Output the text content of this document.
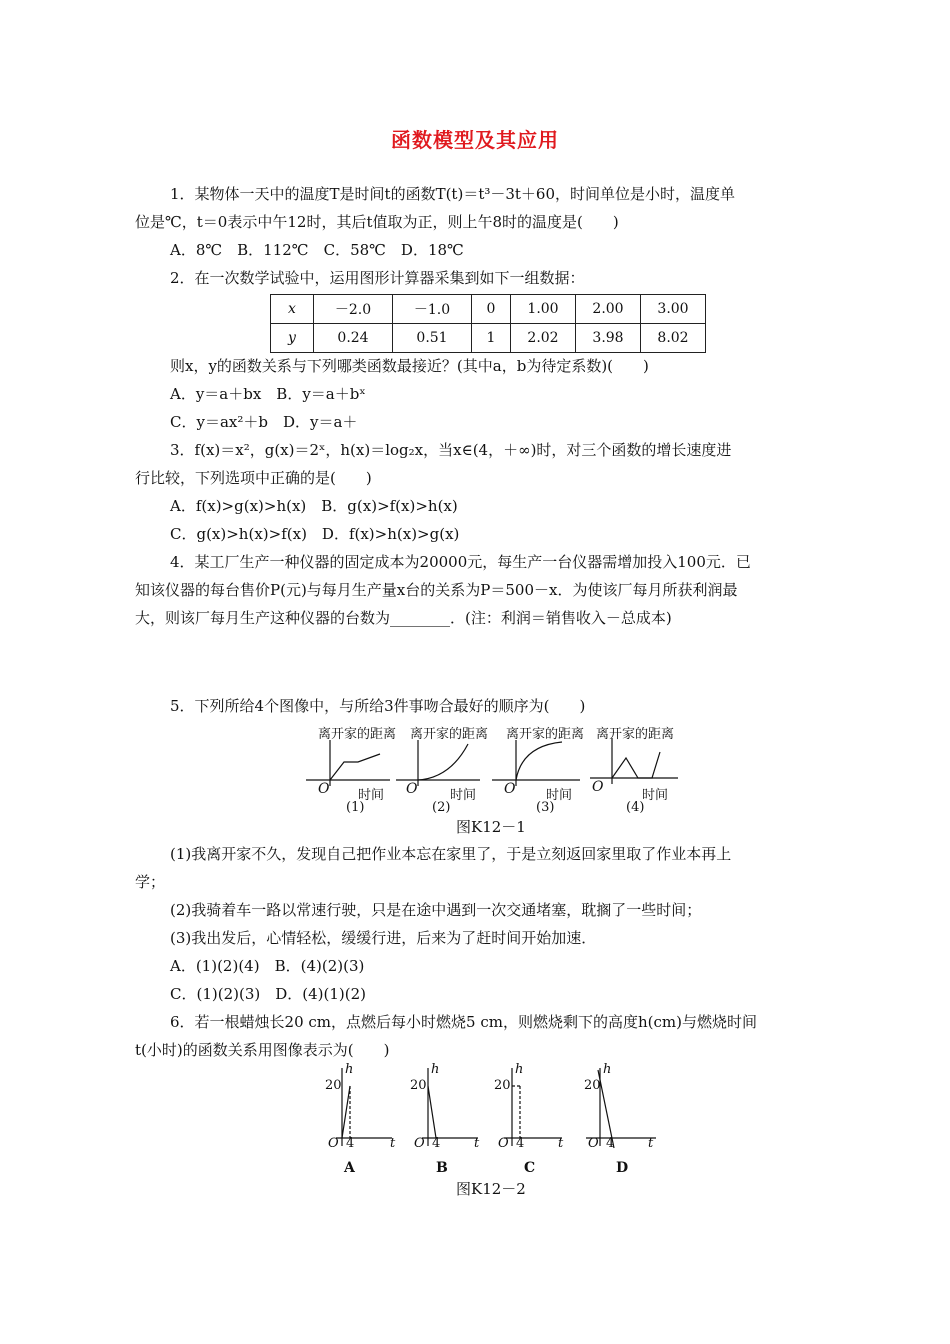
函数模型及其应用
1．某物体一天中的温度T是时间t的函数T(t)＝t³－3t＋60，时间单位是小时，温度单
位是℃，t＝0表示中午12时，其后t值取为正，则上午8时的温度是(　　)
A．8℃　B．112℃　C．58℃　D．18℃
2．在一次数学试验中，运用图形计算器采集到如下一组数据：
x	－2.0	－1.0	0	1.00	2.00	3.00
y	0.24	0.51	1	2.02	3.98	8.02
则x，y的函数关系与下列哪类函数最接近？(其中a，b为待定系数)(　　)
A．y＝a＋bx　B．y＝a＋bˣ
C．y＝ax²＋b　D．y＝a＋
3．f(x)＝x²，g(x)＝2ˣ，h(x)＝log₂x，当x∈(4，＋∞)时，对三个函数的增长速度进
行比较，下列选项中正确的是(　　)
A．f(x)>g(x)>h(x)　B．g(x)>f(x)>h(x)
C．g(x)>h(x)>f(x)　D．f(x)>h(x)>g(x)
4．某工厂生产一种仪器的固定成本为20000元，每生产一台仪器需增加投入100元．已
知该仪器的每台售价P(元)与每月生产量x台的关系为P＝500－x．为使该厂每月所获利润最
大，则该厂每月生产这种仪器的台数为________．(注：利润＝销售收入－总成本)
5．下列所给4个图像中，与所给3件事吻合最好的顺序为(　　)
离开家的距离 离开家的距离 离开家的距离 离开家的距离
O	O	O	O
时间	时间	时间	时间
(1)	(2)	(3)	(4)
图K12－1
(1)我离开家不久，发现自己把作业本忘在家里了，于是立刻返回家里取了作业本再上
学；
(2)我骑着车一路以常速行驶，只是在途中遇到一次交通堵塞，耽搁了一些时间；
(3)我出发后，心情轻松，缓缓行进，后来为了赶时间开始加速．
A．(1)(2)(4)　B．(4)(2)(3)
C．(1)(2)(3)　D．(4)(1)(2)
6．若一根蜡烛长20 cm，点燃后每小时燃烧5 cm，则燃烧剩下的高度h(cm)与燃烧时间
t(小时)的函数关系用图像表示为(　　)
h	h	h	h
20	20	20	20
O 4	t O 4	t O 4	t O 4	t
A	B	C	D
图K12－2
